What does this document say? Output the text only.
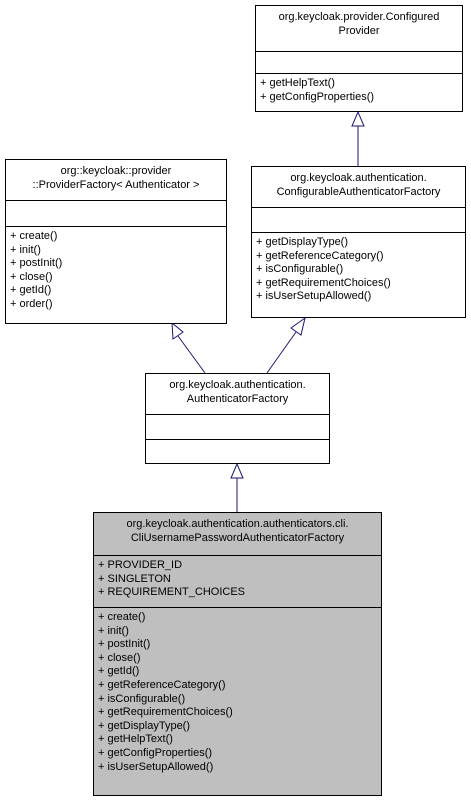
org.keycloak.provider.Configured
Provider
+ getHelpText()
+ getConfigProperties()
org::keycloak::provider
::ProviderFactory< Authenticator >
+ create()
+ init()
+ postInit()
+ close()
+ getId()
+ order()
org.keycloak.authentication.
ConfigurableAuthenticatorFactory
+ getDisplayType()
+ getReferenceCategory()
+ isConfigurable()
+ getRequirementChoices()
+ isUserSetupAllowed()
org.keycloak.authentication.
AuthenticatorFactory
org.keycloak.authentication.authenticators.cli.
CliUsernamePasswordAuthenticatorFactory
+ PROVIDER_ID
+ SINGLETON
+ REQUIREMENT_CHOICES
+ create()
+ init()
+ postInit()
+ close()
+ getId()
+ getReferenceCategory()
+ isConfigurable()
+ getRequirementChoices()
+ getDisplayType()
+ getHelpText()
+ getConfigProperties()
+ isUserSetupAllowed()
